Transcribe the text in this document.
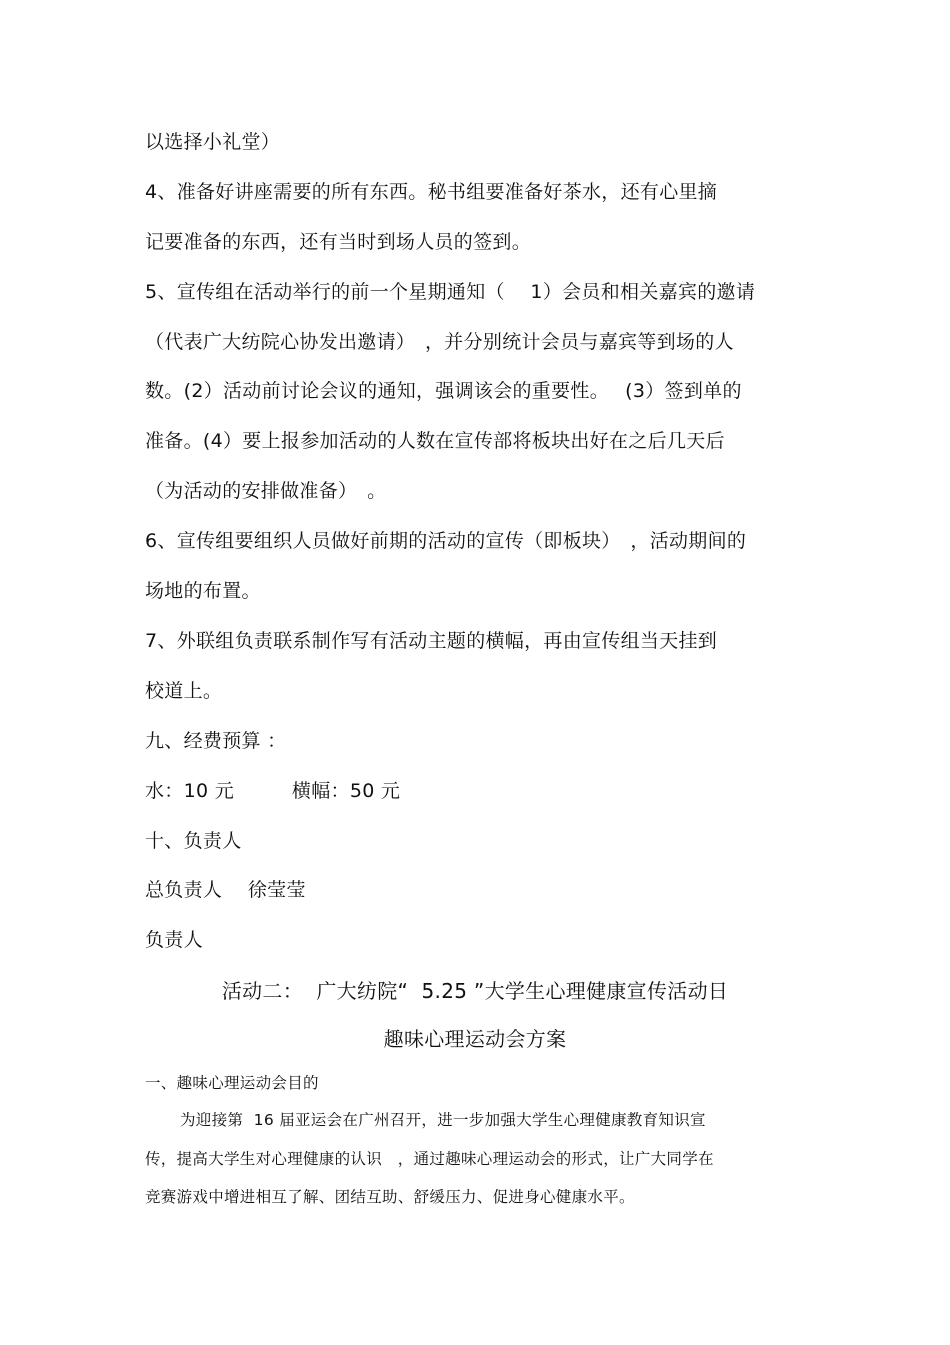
以选择小礼堂）

4、准备好讲座需要的所有东西。秘书组要准备好茶水，还有心里摘

记要准备的东西，还有当时到场人员的签到。

5、宣传组在活动举行的前一个星期通知（　 1）会员和相关嘉宾的邀请

（代表广大纺院心协发出邀请）　，并分别统计会员与嘉宾等到场的人

数。(2）活动前讨论会议的通知，强调该会的重要性。　 (3）签到单的

准备。(4）要上报参加活动的人数在宣传部将板块出好在之后几天后

（为活动的安排做准备）　。

6、宣传组要组织人员做好前期的活动的宣传（即板块）　，活动期间的

场地的布置。

7、外联组负责联系制作写有活动主题的横幅，再由宣传组当天挂到

校道上。

九、经费预算 ：

水：10 元　　　横幅：50 元

十、负责人

总负责人　 徐莹莹

负责人

活动二：  广大纺院“  5.25 ”大学生心理健康宣传活动日

趣味心理运动会方案

一、趣味心理运动会目的

为迎接第  16 届亚运会在广州召开，进一步加强大学生心理健康教育知识宣

传，提高大学生对心理健康的认识　，通过趣味心理运动会的形式，让广大同学在

竞赛游戏中增进相互了解、团结互助、舒缓压力、促进身心健康水平。
